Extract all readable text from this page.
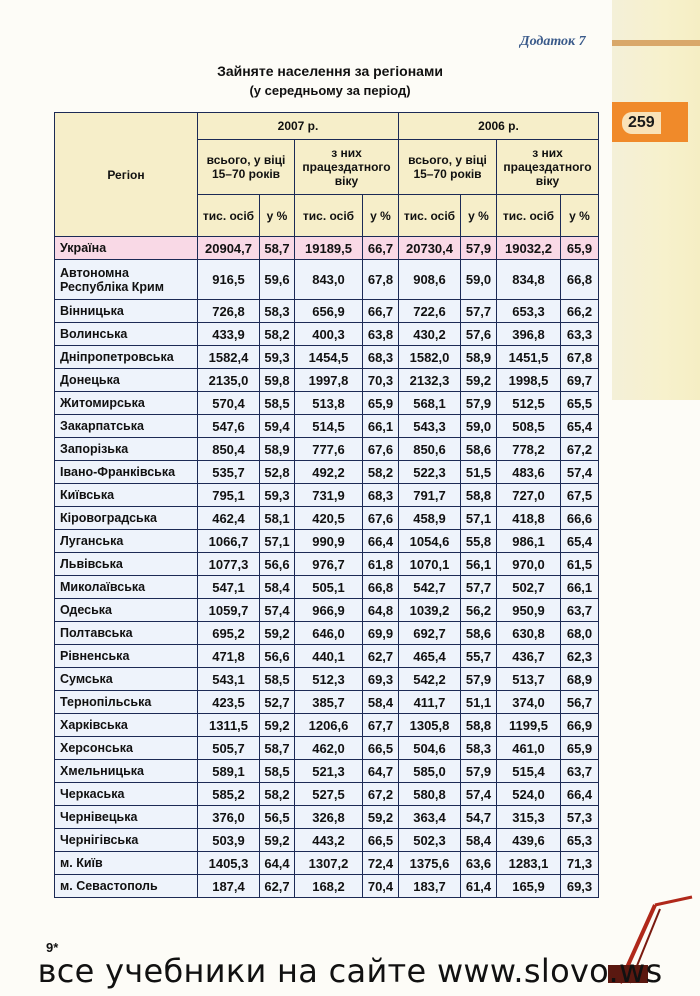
Додаток 7
259
Зайняте населення за регіонами
(у середньому за період)
Регіон	2007 р.				2006 р.			
	всього, у віці 15–70 років		з них працездатного віку		всього, у віці 15–70 років		з них працездатного віку	
	тис. осіб	у %	тис. осіб	у %	тис. осіб	у %	тис. осіб	у %
Україна	20904,7	58,7	19189,5	66,7	20730,4	57,9	19032,2	65,9
Автономна Республіка Крим	916,5	59,6	843,0	67,8	908,6	59,0	834,8	66,8
Вінницька	726,8	58,3	656,9	66,7	722,6	57,7	653,3	66,2
Волинська	433,9	58,2	400,3	63,8	430,2	57,6	396,8	63,3
Дніпропетровська	1582,4	59,3	1454,5	68,3	1582,0	58,9	1451,5	67,8
Донецька	2135,0	59,8	1997,8	70,3	2132,3	59,2	1998,5	69,7
Житомирська	570,4	58,5	513,8	65,9	568,1	57,9	512,5	65,5
Закарпатська	547,6	59,4	514,5	66,1	543,3	59,0	508,5	65,4
Запорізька	850,4	58,9	777,6	67,6	850,6	58,6	778,2	67,2
Івано-Франківська	535,7	52,8	492,2	58,2	522,3	51,5	483,6	57,4
Київська	795,1	59,3	731,9	68,3	791,7	58,8	727,0	67,5
Кіровоградська	462,4	58,1	420,5	67,6	458,9	57,1	418,8	66,6
Луганська	1066,7	57,1	990,9	66,4	1054,6	55,8	986,1	65,4
Львівська	1077,3	56,6	976,7	61,8	1070,1	56,1	970,0	61,5
Миколаївська	547,1	58,4	505,1	66,8	542,7	57,7	502,7	66,1
Одеська	1059,7	57,4	966,9	64,8	1039,2	56,2	950,9	63,7
Полтавська	695,2	59,2	646,0	69,9	692,7	58,6	630,8	68,0
Рівненська	471,8	56,6	440,1	62,7	465,4	55,7	436,7	62,3
Сумська	543,1	58,5	512,3	69,3	542,2	57,9	513,7	68,9
Тернопільська	423,5	52,7	385,7	58,4	411,7	51,1	374,0	56,7
Харківська	1311,5	59,2	1206,6	67,7	1305,8	58,8	1199,5	66,9
Херсонська	505,7	58,7	462,0	66,5	504,6	58,3	461,0	65,9
Хмельницька	589,1	58,5	521,3	64,7	585,0	57,9	515,4	63,7
Черкаська	585,2	58,2	527,5	67,2	580,8	57,4	524,0	66,4
Чернівецька	376,0	56,5	326,8	59,2	363,4	54,7	315,3	57,3
Чернігівська	503,9	59,2	443,2	66,5	502,3	58,4	439,6	65,3
м. Київ	1405,3	64,4	1307,2	72,4	1375,6	63,6	1283,1	71,3
м. Севастополь	187,4	62,7	168,2	70,4	183,7	61,4	165,9	69,3
9*
все учебники на сайте www.slovo.ws
